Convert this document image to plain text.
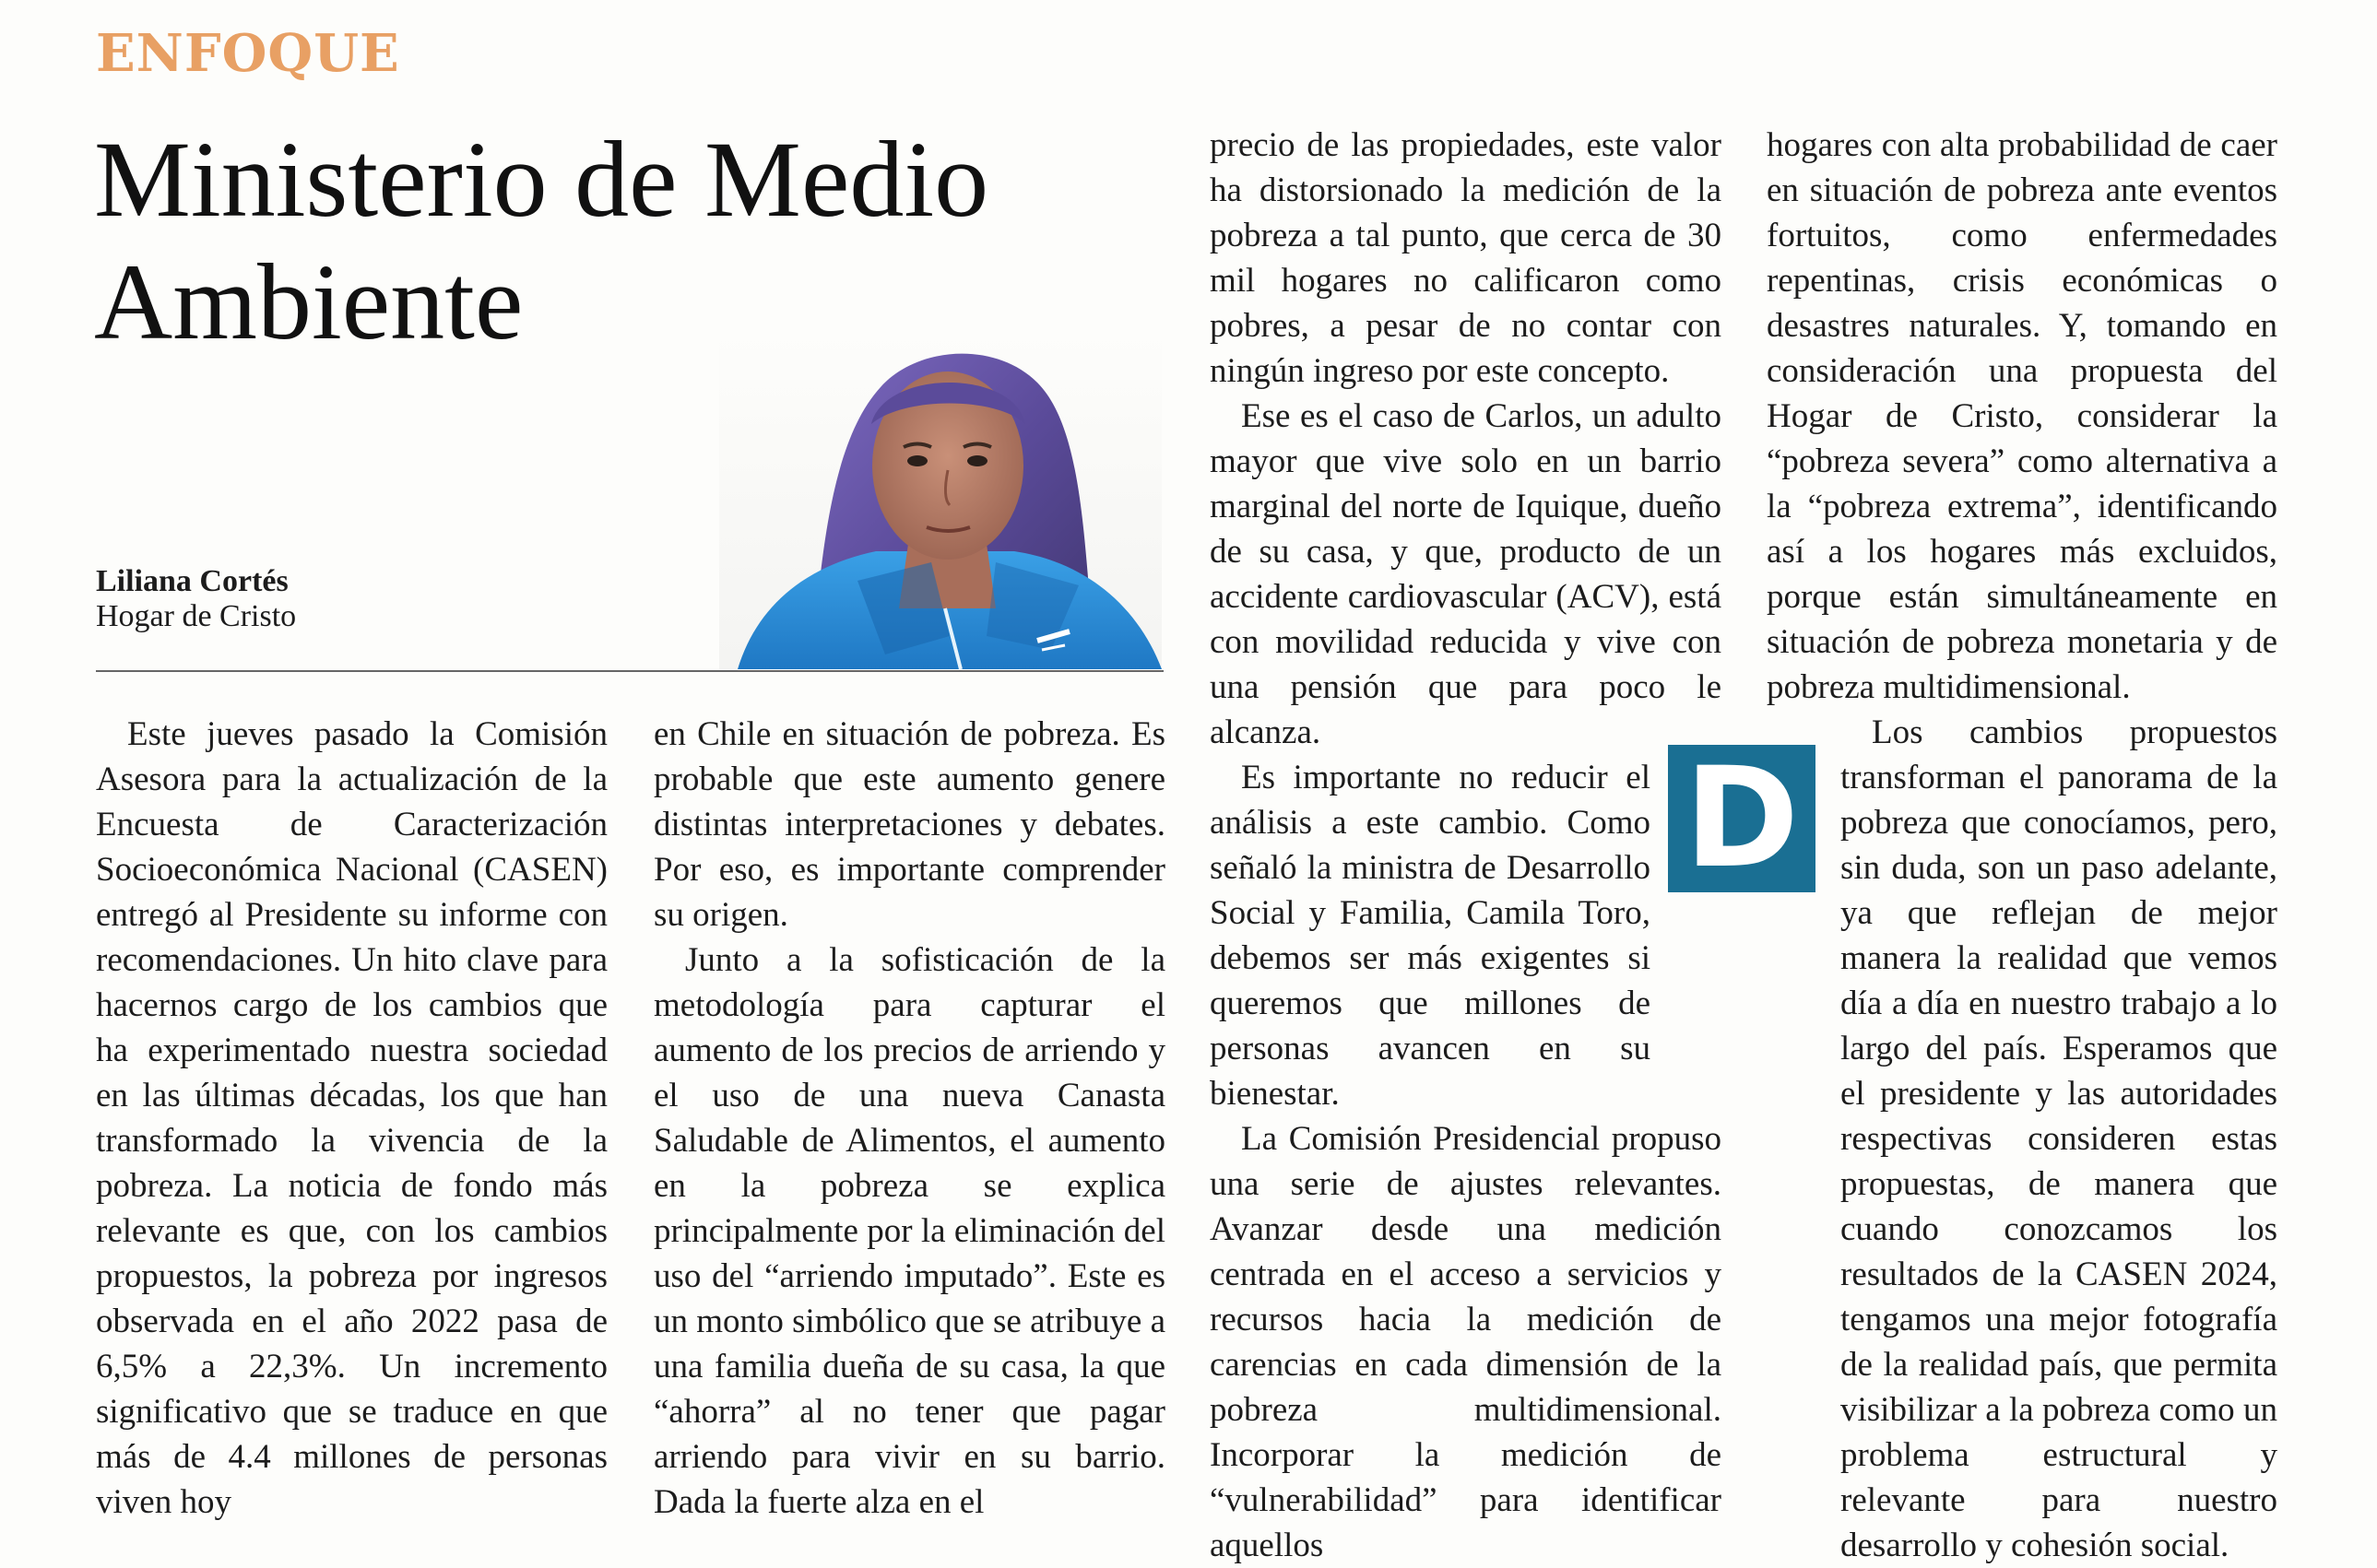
ENFOQUE
Ministerio de Medio
Ambiente
Liliana Cortés
Hogar de Cristo

Este jueves pasado la Comisión Asesora para la actualización de la Encuesta de Caracterización Socioeconómica Nacional (CASEN) entregó al Presidente su informe con recomendaciones. Un hito clave para hacernos cargo de los cambios que ha experimentado nuestra sociedad en las últimas décadas, los que han transformado la vivencia de la pobreza. La noticia de fondo más relevante es que, con los cambios propuestos, la pobreza por ingresos observada en el año 2022 pasa de 6,5% a 22,3%. Un incremento significativo que se traduce en que más de 4.4 millones de personas viven hoy

en Chile en situación de pobreza. Es probable que este aumento genere distintas interpretaciones y debates. Por eso, es importante comprender su origen.

Junto a la sofisticación de la metodología para capturar el aumento de los precios de arriendo y el uso de una nueva Canasta Saludable de Alimentos, el aumento en la pobreza se explica principalmente por la eliminación del uso del “arriendo imputado”. Este es un monto simbólico que se atribuye a una familia dueña de su casa, la que “ahorra” al no tener que pagar arriendo para vivir en su barrio. Dada la fuerte alza en el

precio de las propiedades, este valor ha distorsionado la medición de la pobreza a tal punto, que cerca de 30 mil hogares no calificaron como pobres, a pesar de no contar con ningún ingreso por este concepto.

Ese es el caso de Carlos, un adulto mayor que vive solo en un barrio marginal del norte de Iquique, dueño de su casa, y que, producto de un accidente cardiovascular (ACV), está con movilidad reducida y vive con una pensión que para poco le alcanza.

Es importante no reducir el análisis a este cambio. Como señaló la ministra de Desarrollo Social y Familia, Camila Toro, debemos ser más exigentes si queremos que millones de personas avancen en su bienestar.

La Comisión Presidencial propuso una serie de ajustes relevantes. Avanzar desde una medición centrada en el acceso a servicios y recursos hacia la medición de carencias en cada dimensión de la pobreza multidimensional. Incorporar la medición de “vulnerabilidad” para identificar aquellos

D

hogares con alta probabilidad de caer en situación de pobreza ante eventos fortuitos, como enfermedades repentinas, crisis económicas o desastres naturales. Y, tomando en consideración una propuesta del Hogar de Cristo, considerar la “pobreza severa” como alternativa a la “pobreza extrema”, identificando así a los hogares más excluidos, porque están simultáneamente en situación de pobreza monetaria y de pobreza multidimensional.

Los cambios propuestos transforman el panorama de la pobreza que conocíamos, pero, sin duda, son un paso adelante, ya que reflejan de mejor manera la realidad que vemos día a día en nuestro trabajo a lo largo del país. Esperamos que el presidente y las autoridades respectivas consideren estas propuestas, de manera que cuando conozcamos los resultados de la CASEN 2024, tengamos una mejor fotografía de la realidad país, que permita visibilizar a la pobreza como un problema estructural y relevante para nuestro desarrollo y cohesión social.
